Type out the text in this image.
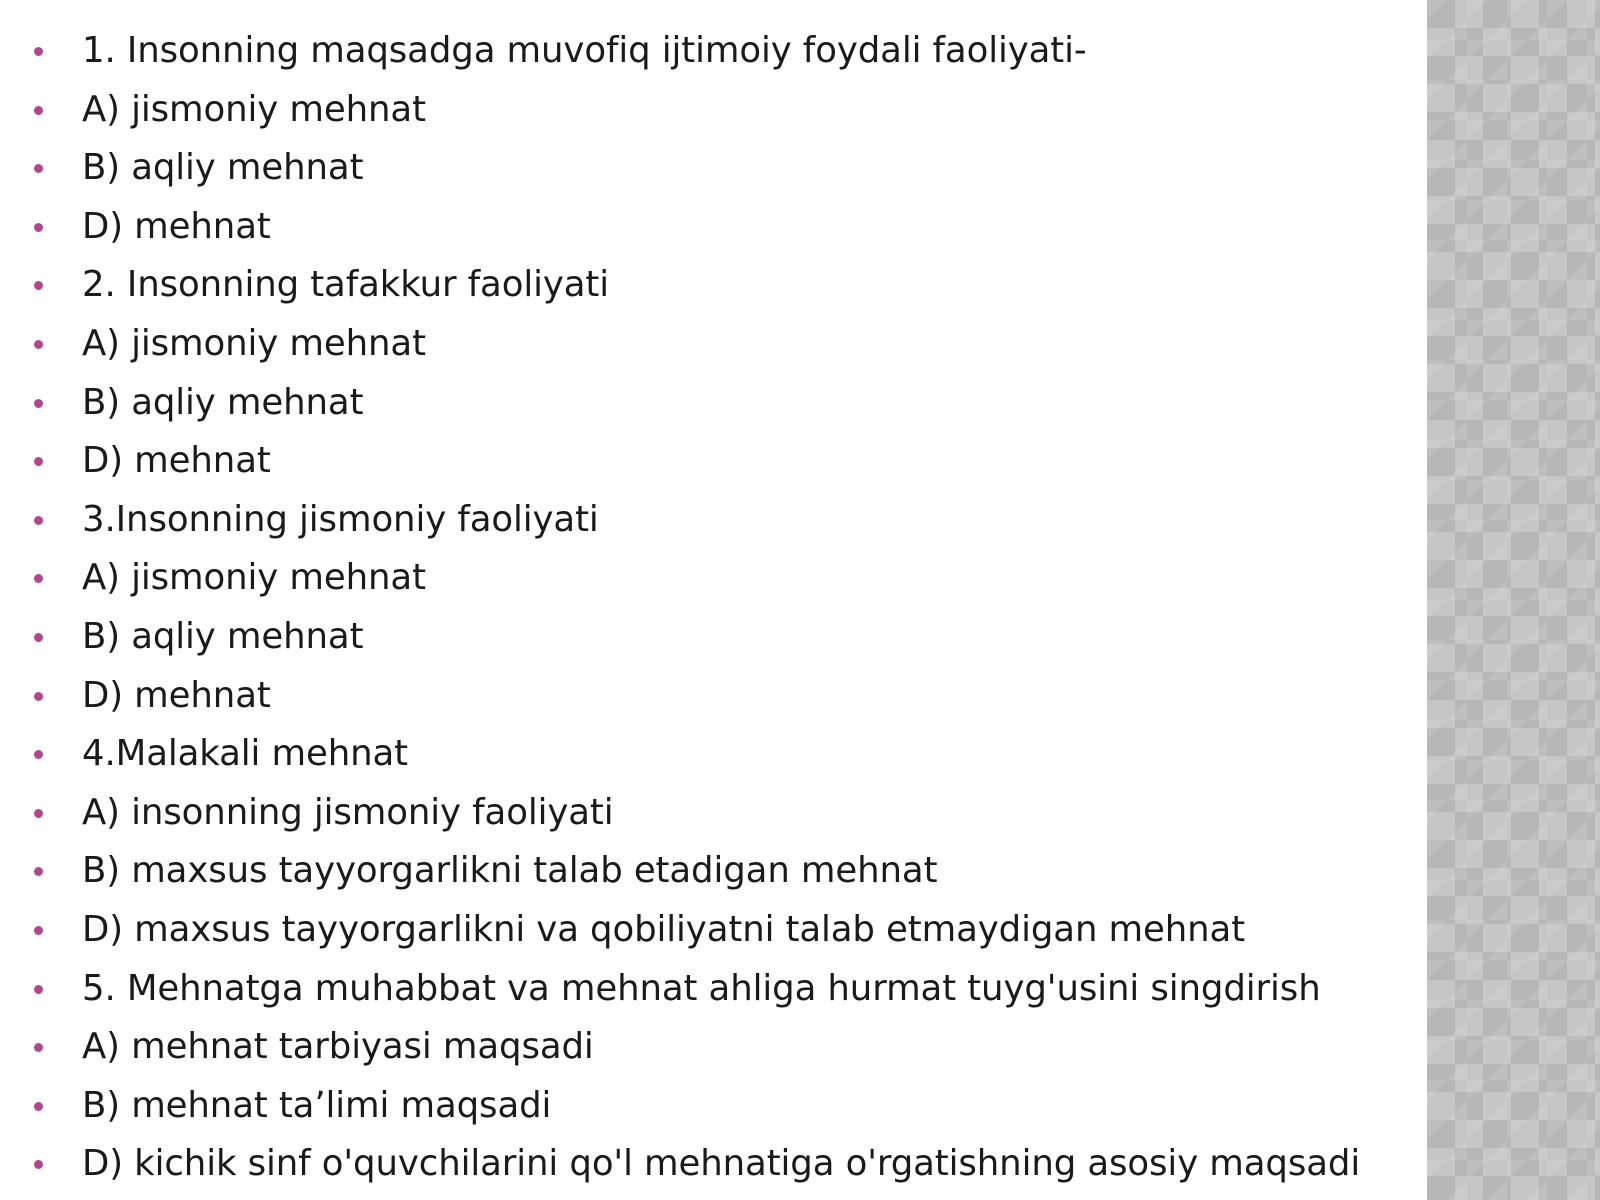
1. Insonning maqsadga muvofiq ijtimoiy foydali faoliyati-
A) jismoniy mehnat
B) aqliy mehnat
D) mehnat
2. Insonning tafakkur faoliyati
A) jismoniy mehnat
B) aqliy mehnat
D) mehnat
3.Insonning jismoniy faoliyati
A) jismoniy mehnat
B) aqliy mehnat
D) mehnat
4.Malakali mehnat
A) insonning jismoniy faoliyati
B) maxsus tayyorgarlikni talab etadigan mehnat
D) maxsus tayyorgarlikni va qobiliyatni talab etmaydigan mehnat
5. Mehnatga muhabbat va mehnat ahliga hurmat tuyg'usini singdirish
A) mehnat tarbiyasi maqsadi
B) mehnat ta’limi maqsadi
D) kichik sinf o'quvchilarini qo'l mehnatiga o'rgatishning asosiy maqsadi
